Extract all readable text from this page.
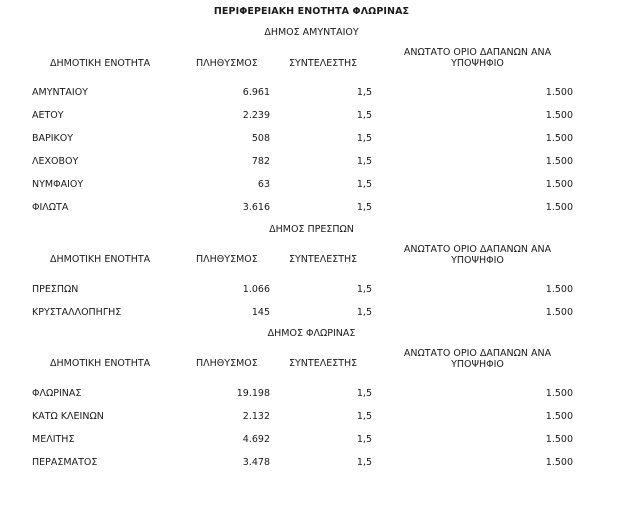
ΠΕΡΙΦΕΡΕΙΑΚΗ ΕΝΟΤΗΤΑ ΦΛΩΡΙΝΑΣ
ΔΗΜΟΣ ΑΜΥΝΤΑΙΟΥ
ΔΗΜΟΤΙΚΗ ΕΝΟΤΗΤΑ	ΠΛΗΘΥΣΜΟΣ	ΣΥΝΤΕΛΕΣΤΗΣ
ΑΝΩΤΑΤΟ ΟΡΙΟ ΔΑΠΑΝΩΝ ΑΝΑ
ΥΠΟΨΗΦΙΟ
ΑΜΥΝΤΑΙΟΥ	6.961	1,5	1.500
ΑΕΤΟΥ	2.239	1,5	1.500
ΒΑΡΙΚΟΥ	508	1,5	1.500
ΛΕΧΟΒΟΥ	782	1,5	1.500
ΝΥΜΦΑΙΟΥ	63	1,5	1.500
ΦΙΛΩΤΑ	3.616	1,5	1.500
ΔΗΜΟΣ ΠΡΕΣΠΩΝ
ΔΗΜΟΤΙΚΗ ΕΝΟΤΗΤΑ	ΠΛΗΘΥΣΜΟΣ	ΣΥΝΤΕΛΕΣΤΗΣ
ΑΝΩΤΑΤΟ ΟΡΙΟ ΔΑΠΑΝΩΝ ΑΝΑ
ΥΠΟΨΗΦΙΟ
ΠΡΕΣΠΩΝ	1.066	1,5	1.500
ΚΡΥΣΤΑΛΛΟΠΗΓΗΣ	145	1,5	1.500
ΔΗΜΟΣ ΦΛΩΡΙΝΑΣ
ΔΗΜΟΤΙΚΗ ΕΝΟΤΗΤΑ	ΠΛΗΘΥΣΜΟΣ	ΣΥΝΤΕΛΕΣΤΗΣ
ΑΝΩΤΑΤΟ ΟΡΙΟ ΔΑΠΑΝΩΝ ΑΝΑ
ΥΠΟΨΗΦΙΟ
ΦΛΩΡΙΝΑΣ	19.198	1,5	1.500
ΚΑΤΩ ΚΛΕΙΝΩΝ	2.132	1,5	1.500
ΜΕΛΙΤΗΣ	4.692	1,5	1.500
ΠΕΡΑΣΜΑΤΟΣ	3.478	1,5	1.500
